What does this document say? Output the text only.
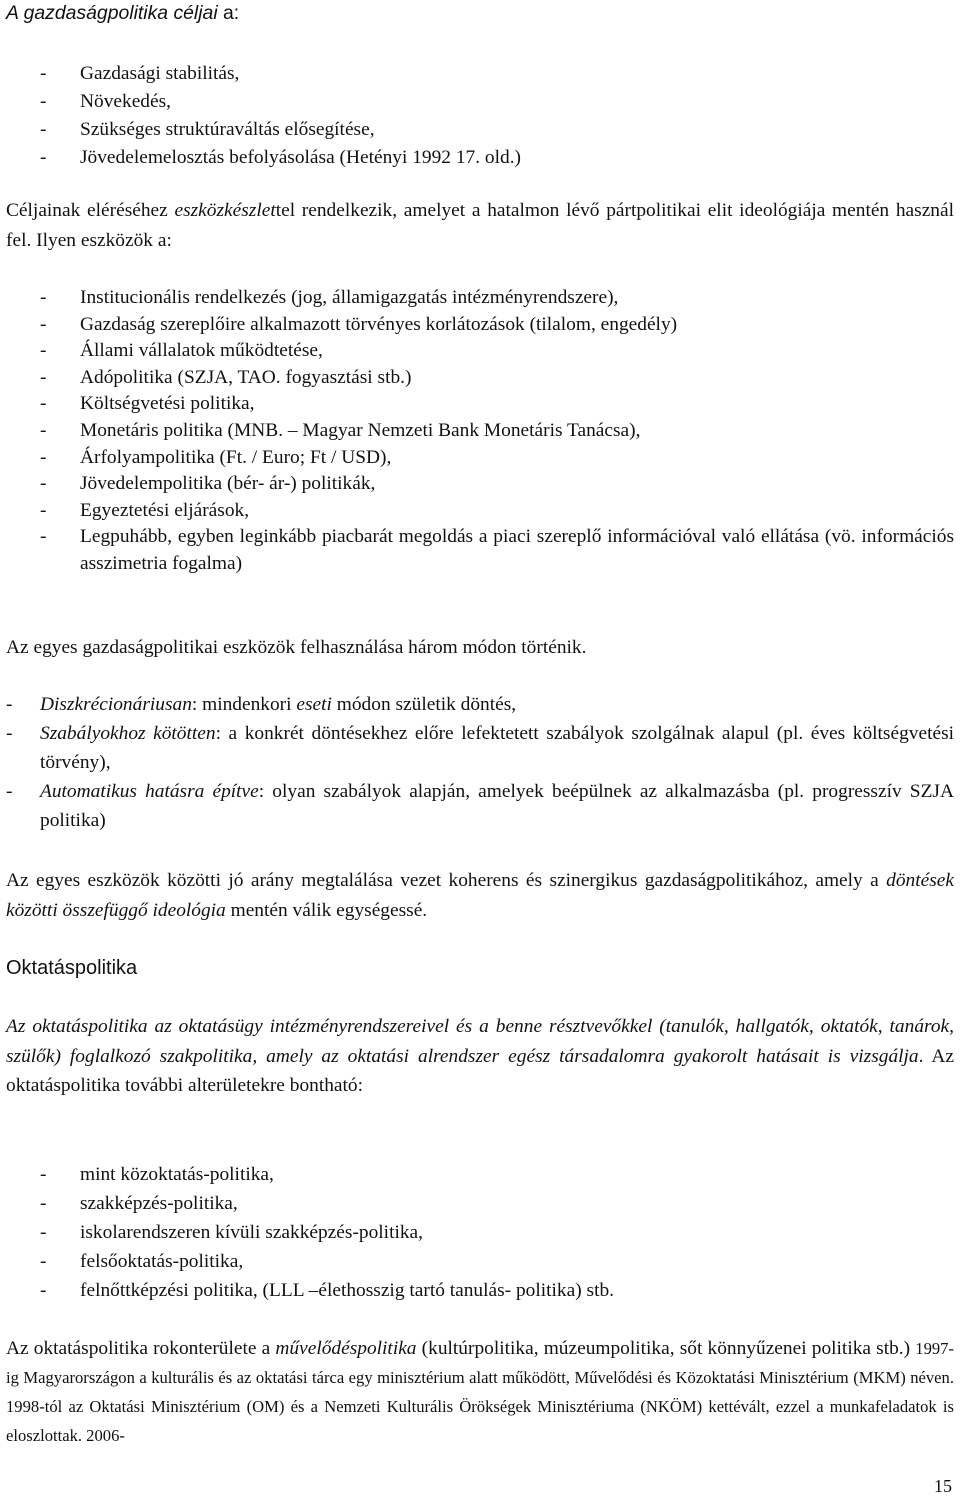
A gazdaságpolitika céljai a:

- Gazdasági stabilitás,
- Növekedés,
- Szükséges struktúraváltás elősegítése,
- Jövedelemelosztás befolyásolása (Hetényi 1992 17. old.)

Céljainak eléréséhez eszközkészlettel rendelkezik, amelyet a hatalmon lévő pártpolitikai elit ideológiája mentén használ fel. Ilyen eszközök a:

- Institucionális rendelkezés (jog, államigazgatás intézményrendszere),
- Gazdaság szereplőire alkalmazott törvényes korlátozások (tilalom, engedély)
- Állami vállalatok működtetése,
- Adópolitika (SZJA, TAO. fogyasztási stb.)
- Költségvetési politika,
- Monetáris politika (MNB. – Magyar Nemzeti Bank Monetáris Tanácsa),
- Árfolyampolitika (Ft. / Euro; Ft / USD),
- Jövedelempolitika (bér- ár-) politikák,
- Egyeztetési eljárások,
- Legpuhább, egyben leginkább piacbarát megoldás a piaci szereplő információval való ellátása (vö. információs asszimetria fogalma)

Az egyes gazdaságpolitikai eszközök felhasználása három módon történik.

- Diszkrécionáriusan: mindenkori eseti módon születik döntés,
- Szabályokhoz kötötten: a konkrét döntésekhez előre lefektetett szabályok szolgálnak alapul (pl. éves költségvetési törvény),
- Automatikus hatásra építve: olyan szabályok alapján, amelyek beépülnek az alkalmazásba (pl. progresszív SZJA politika)

Az egyes eszközök közötti jó arány megtalálása vezet koherens és szinergikus gazdaságpolitikához, amely a döntések közötti összefüggő ideológia mentén válik egységessé.

Oktatáspolitika

Az oktatáspolitika az oktatásügy intézményrendszereivel és a benne résztvevőkkel (tanulók, hallgatók, oktatók, tanárok, szülők) foglalkozó szakpolitika, amely az oktatási alrendszer egész társadalomra gyakorolt hatásait is vizsgálja. Az oktatáspolitika további alterületekre bontható:

- mint közoktatás-politika,
- szakképzés-politika,
- iskolarendszeren kívüli szakképzés-politika,
- felsőoktatás-politika,
- felnőttképzési politika, (LLL –élethosszig tartó tanulás- politika) stb.

Az oktatáspolitika rokonterülete a művelődéspolitika (kultúrpolitika, múzeumpolitika, sőt könnyűzenei politika stb.) 1997-ig Magyarországon a kulturális és az oktatási tárca egy minisztérium alatt működött, Művelődési és Közoktatási Minisztérium (MKM) néven. 1998-tól az Oktatási Minisztérium (OM) és a Nemzeti Kulturális Örökségek Minisztériuma (NKÖM) kettévált, ezzel a munkafeladatok is eloszlottak. 2006-

15
